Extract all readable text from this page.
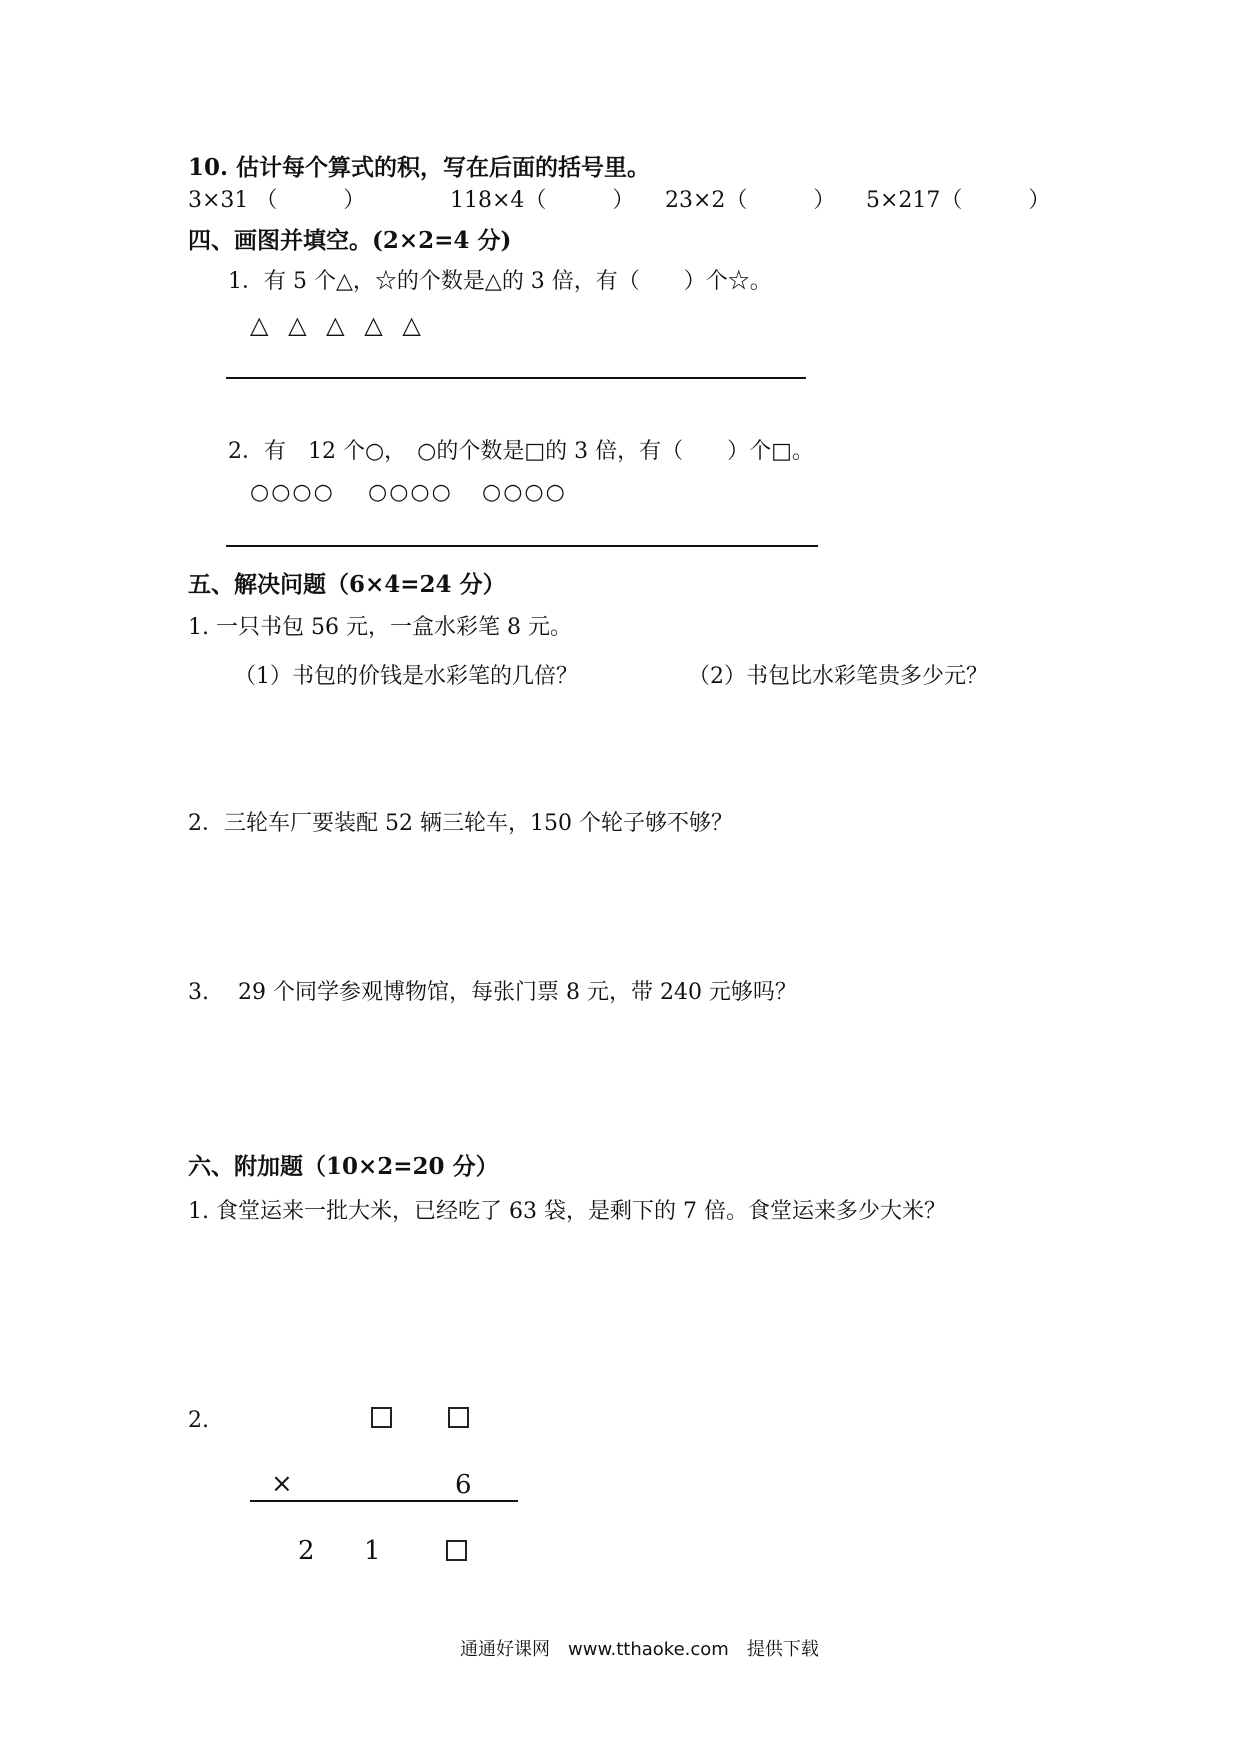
10. 估计每个算式的积，写在后面的括号里。
3×31 （　　　）	118×4（　　　） 23×2（　　　） 5×217（　　　）
四、画图并填空。(2×2=4 分)
1．有 5 个△，☆的个数是△的 3 倍，有（　　）个☆。
△ △ △ △ △
2．有　12 个○，　○的个数是□的 3 倍，有（　　）个□。
○○○○ ○○○○ ○○○○
五、解决问题（6×4=24 分）
1. 一只书包 56 元，一盒水彩笔 8 元。
（1）书包的价钱是水彩笔的几倍？	（2）书包比水彩笔贵多少元？
2．三轮车厂要装配 52 辆三轮车，150 个轮子够不够？
3.　 29 个同学参观博物馆，每张门票 8 元，带 240 元够吗？
六、附加题（10×2=20 分）
1. 食堂运来一批大米，已经吃了 63 袋，是剩下的 7 倍。食堂运来多少大米？
2.
×	6
2 1
通通好课网　www.tthaoke.com　提供下载
